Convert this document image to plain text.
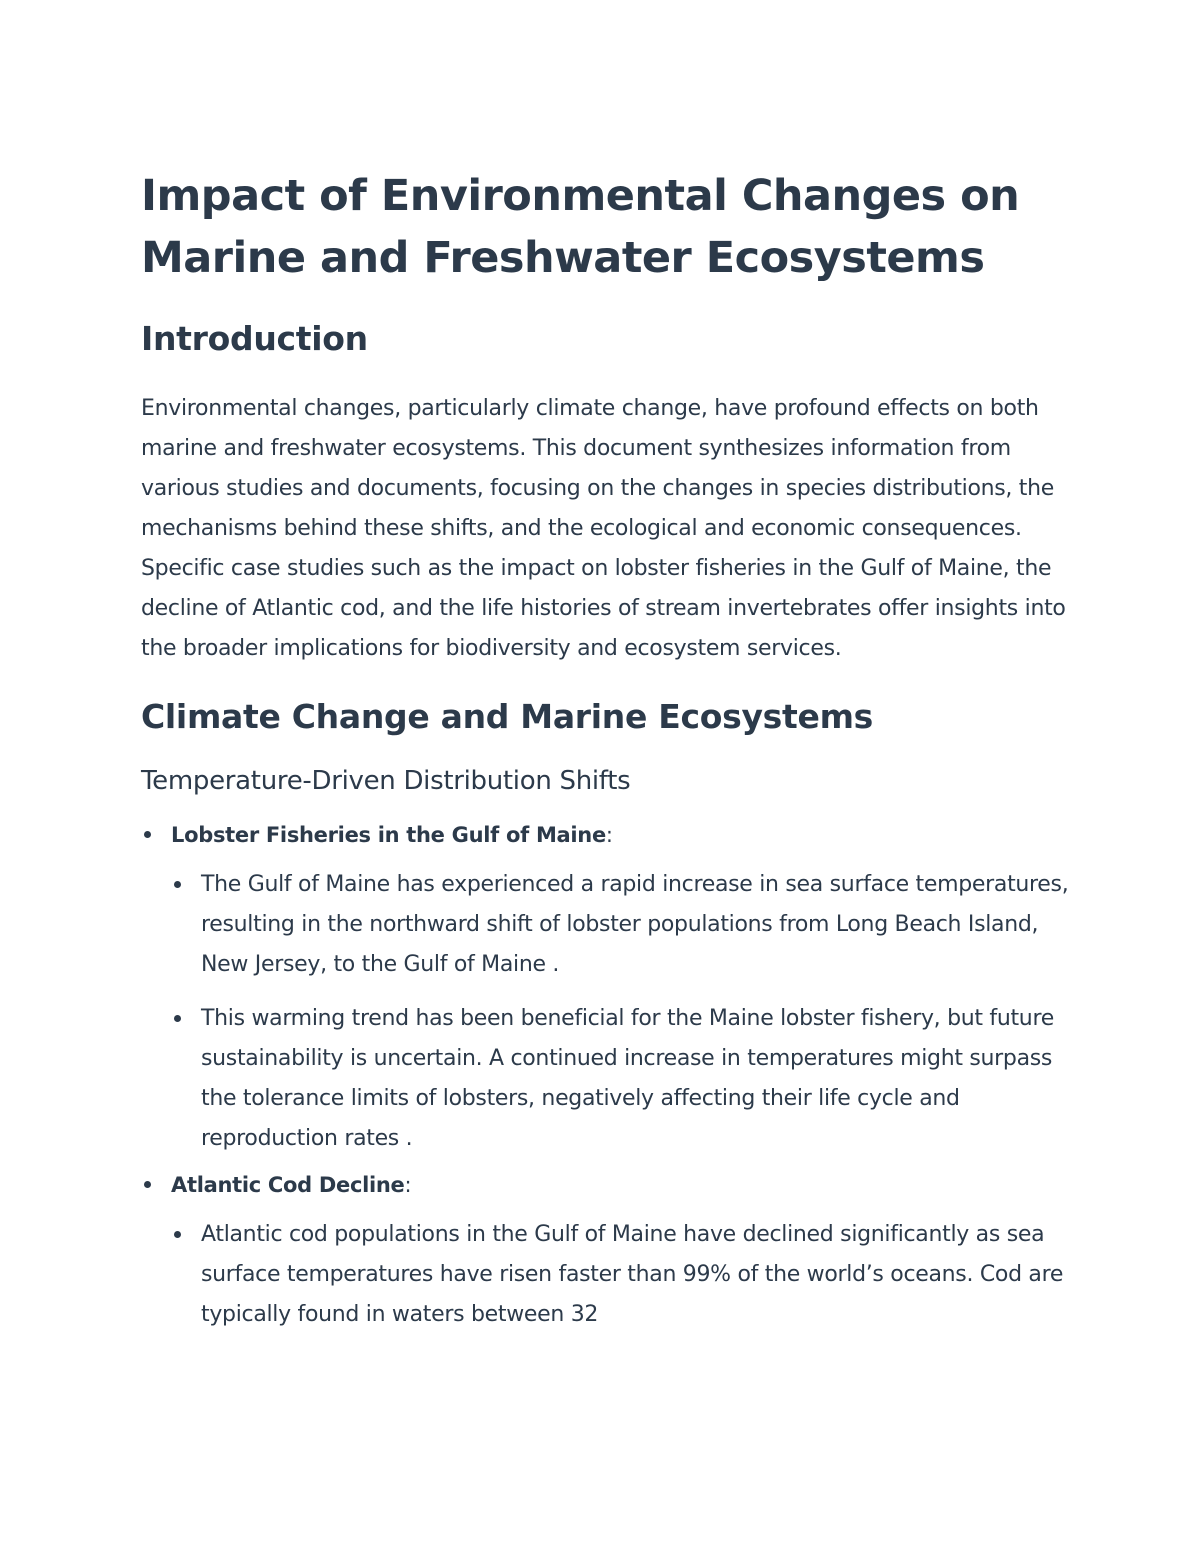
Impact of Environmental Changes on Marine and Freshwater Ecosystems
Introduction

Environmental changes, particularly climate change, have profound effects on both marine and freshwater ecosystems. This document synthesizes information from various studies and documents, focusing on the changes in species distributions, the mechanisms behind these shifts, and the ecological and economic consequences. Specific case studies such as the impact on lobster fisheries in the Gulf of Maine, the decline of Atlantic cod, and the life histories of stream invertebrates offer insights into the broader implications for biodiversity and ecosystem services.

Climate Change and Marine Ecosystems
Temperature-Driven Distribution Shifts
Lobster Fisheries in the Gulf of Maine:
The Gulf of Maine has experienced a rapid increase in sea surface temperatures, resulting in the northward shift of lobster populations from Long Beach Island, New Jersey, to the Gulf of Maine .
This warming trend has been beneficial for the Maine lobster fishery, but future sustainability is uncertain. A continued increase in temperatures might surpass the tolerance limits of lobsters, negatively affecting their life cycle and reproduction rates .
Atlantic Cod Decline:
Atlantic cod populations in the Gulf of Maine have declined significantly as sea surface temperatures have risen faster than 99% of the world’s oceans. Cod are typically found in waters between 32
